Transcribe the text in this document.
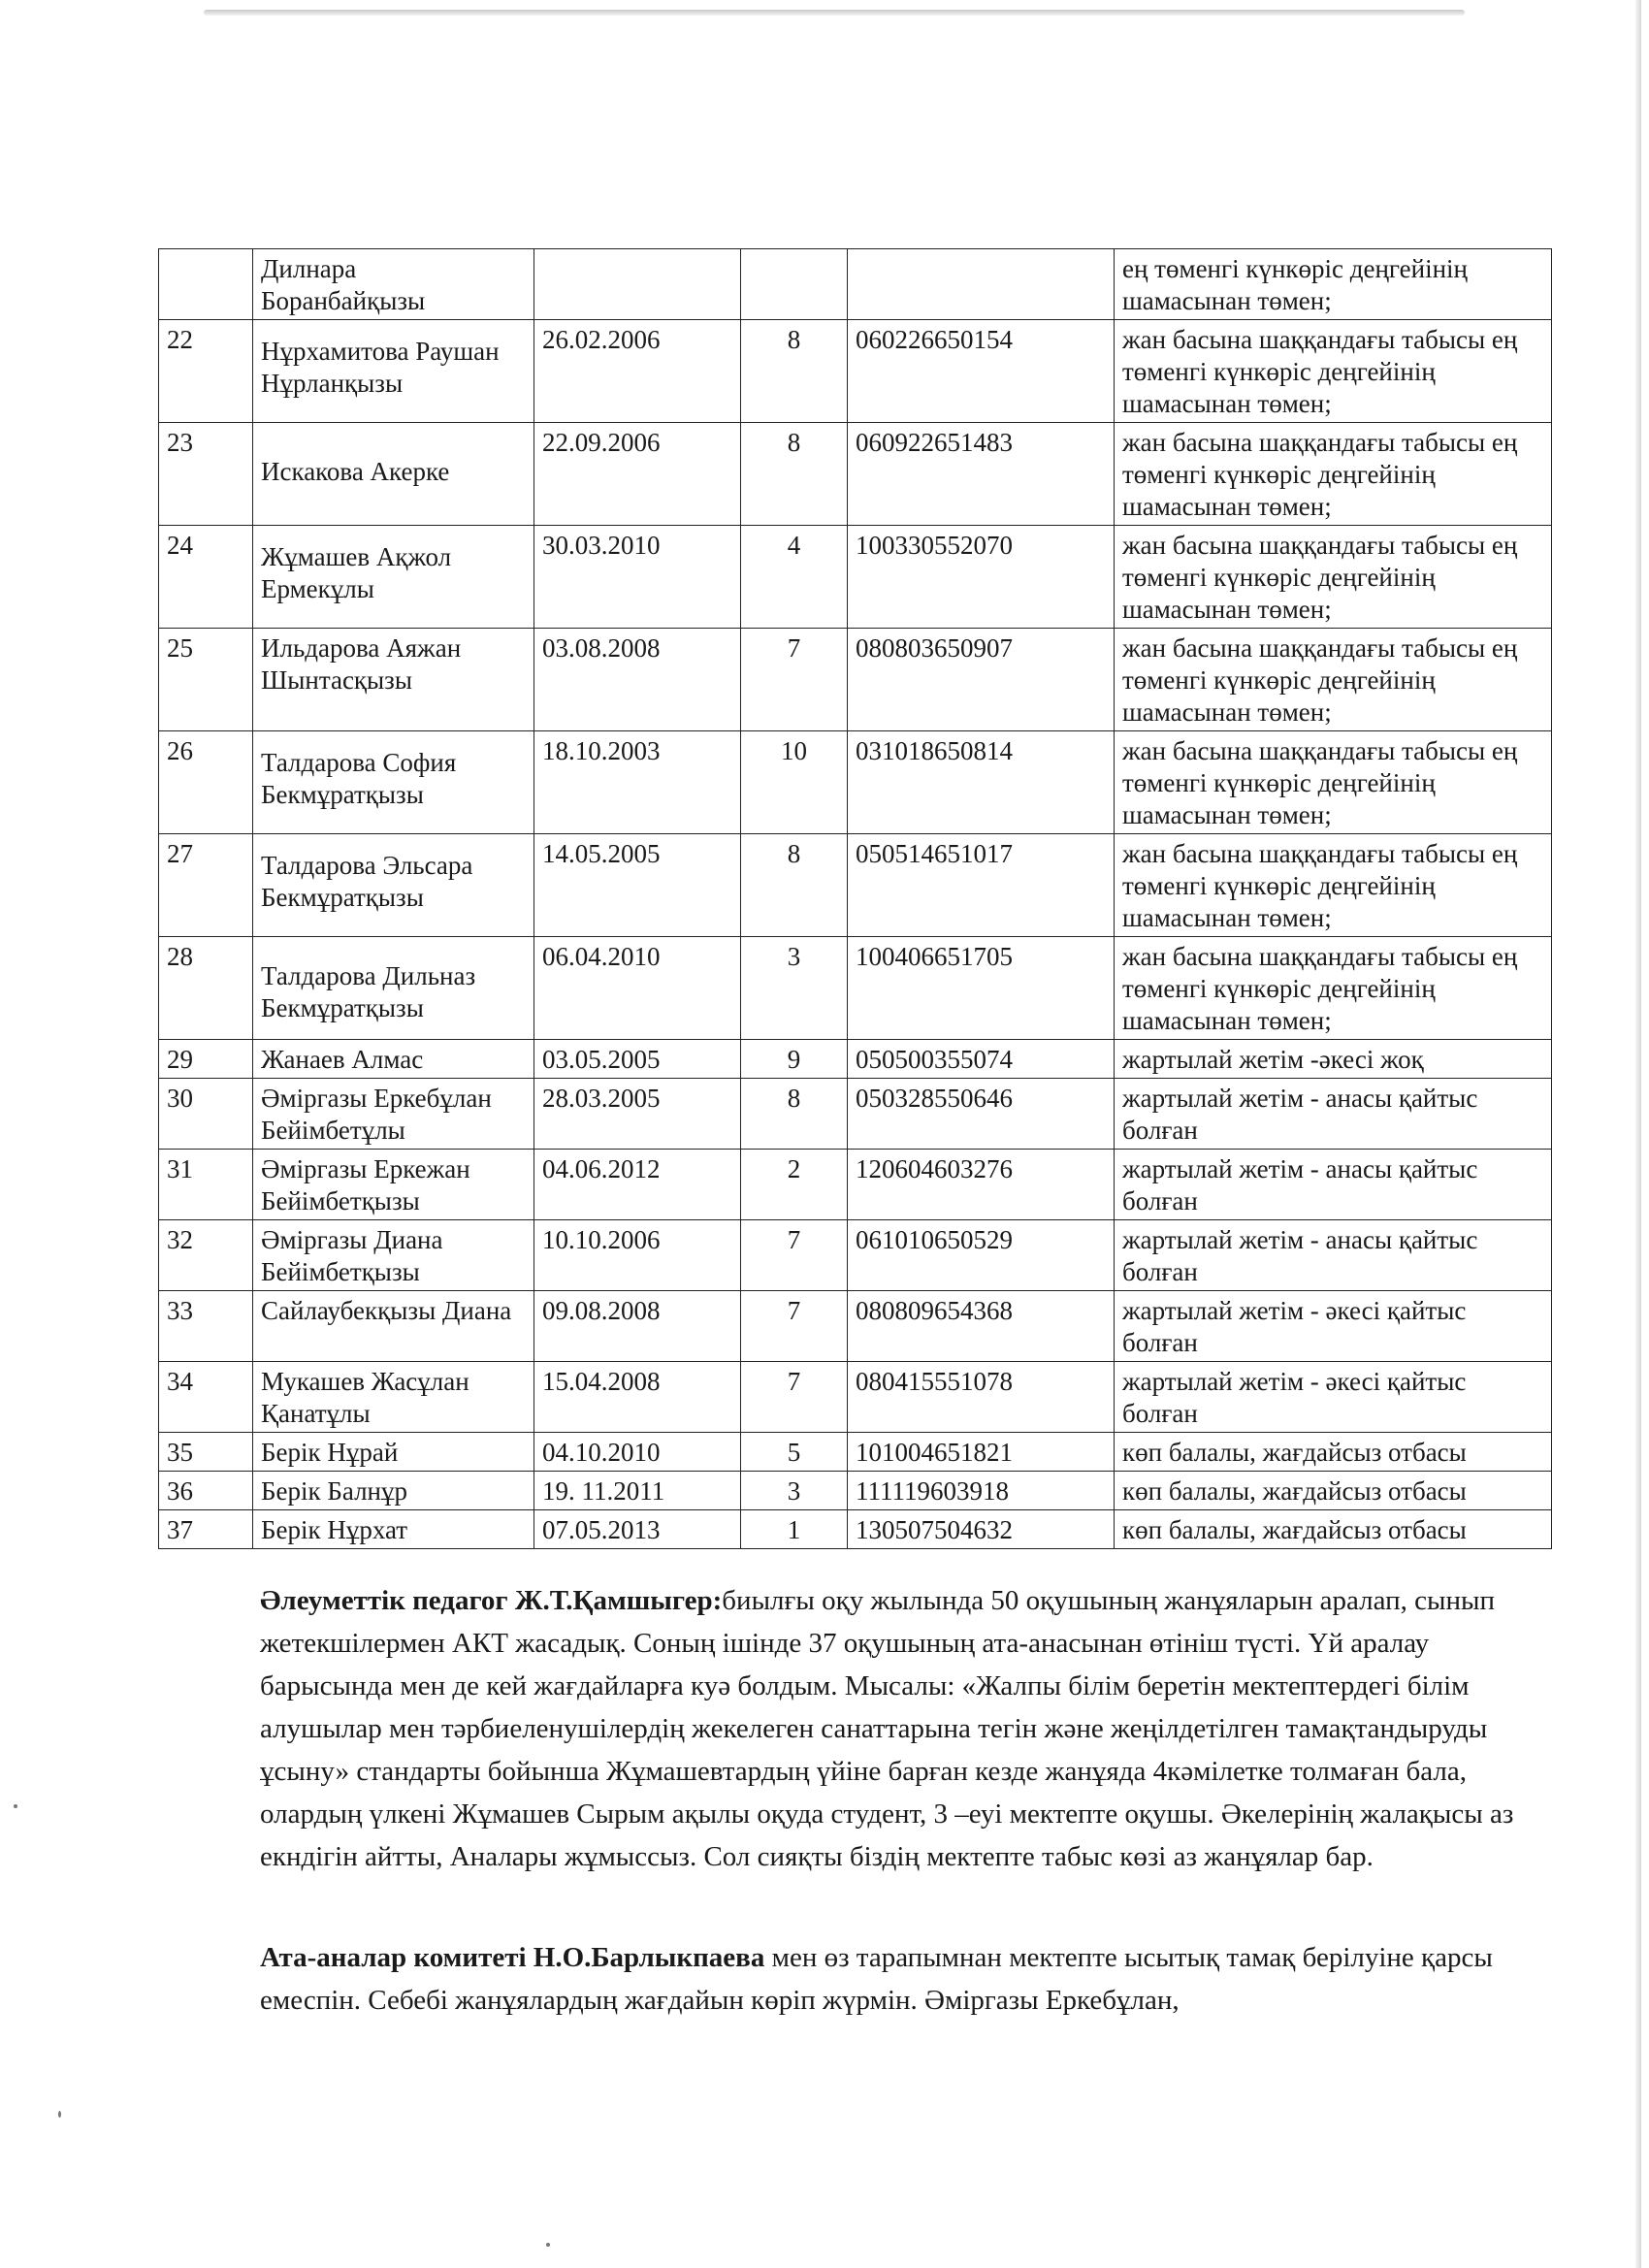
	Дилнара Боранбайқызы				ең төменгі күнкөріс деңгейінің шамасынан төмен;
22	Нұрхамитова Раушан Нұрланқызы	26.02.2006	8	060226650154	жан басына шаққандағы табысы ең төменгі күнкөріс деңгейінің шамасынан төмен;
23	Искакова Акерке	22.09.2006	8	060922651483	жан басына шаққандағы табысы ең төменгі күнкөріс деңгейінің шамасынан төмен;
24	Жұмашев Ақжол Ермекұлы	30.03.2010	4	100330552070	жан басына шаққандағы табысы ең төменгі күнкөріс деңгейінің шамасынан төмен;
25	Ильдарова Аяжан Шынтасқызы	03.08.2008	7	080803650907	жан басына шаққандағы табысы ең төменгі күнкөріс деңгейінің шамасынан төмен;
26	Талдарова София Бекмұратқызы	18.10.2003	10	031018650814	жан басына шаққандағы табысы ең төменгі күнкөріс деңгейінің шамасынан төмен;
27	Талдарова Эльсара Бекмұратқызы	14.05.2005	8	050514651017	жан басына шаққандағы табысы ең төменгі күнкөріс деңгейінің шамасынан төмен;
28	Талдарова Дильназ Бекмұратқызы	06.04.2010	3	100406651705	жан басына шаққандағы табысы ең төменгі күнкөріс деңгейінің шамасынан төмен;
29	Жанаев Алмас	03.05.2005	9	050500355074	жартылай жетім -әкесі жоқ
30	Әміргазы Еркебұлан Бейімбетұлы	28.03.2005	8	050328550646	жартылай жетім - анасы қайтыс болған
31	Әміргазы Еркежан Бейімбетқызы	04.06.2012	2	120604603276	жартылай жетім - анасы қайтыс болған
32	Әміргазы Диана Бейімбетқызы	10.10.2006	7	061010650529	жартылай жетім - анасы қайтыс болған
33	Сайлаубекқызы Диана	09.08.2008	7	080809654368	жартылай жетім - әкесі қайтыс болған
34	Мукашев Жасұлан Қанатұлы	15.04.2008	7	080415551078	жартылай жетім - әкесі қайтыс болған
35	Берік Нұрай	04.10.2010	5	101004651821	көп балалы, жағдайсыз отбасы
36	Берік Балнұр	19. 11.2011	3	111119603918	көп балалы, жағдайсыз отбасы
37	Берік Нұрхат	07.05.2013	1	130507504632	көп балалы, жағдайсыз отбасы
Әлеуметтік педагог Ж.Т.Қамшыгер:биылғы оқу жылында 50 оқушының жанұяларын аралап, сынып жетекшілермен АКТ жасадық. Соның ішінде 37 оқушының ата-анасынан өтініш түсті. Үй аралау барысында мен де кей жағдайларға куә болдым. Мысалы: «Жалпы білім беретін мектептердегі білім алушылар мен тәрбиеленушілердің жекелеген санаттарына тегін және жеңілдетілген тамақтандыруды ұсыну» стандарты бойынша Жұмашевтардың үйіне барған кезде жанұяда 4кәмілетке толмаған бала, олардың үлкені Жұмашев Сырым ақылы оқуда студент, 3 –еуі мектепте оқушы. Әкелерінің жалақысы аз екндігін айтты, Аналары жұмыссыз. Сол сияқты біздің мектепте табыс көзі аз жанұялар бар.
Ата-аналар комитеті Н.О.Барлыкпаева мен өз тарапымнан мектепте ысытық тамақ берілуіне қарсы емеспін. Себебі жанұялардың жағдайын көріп жүрмін. Әміргазы Еркебұлан,
